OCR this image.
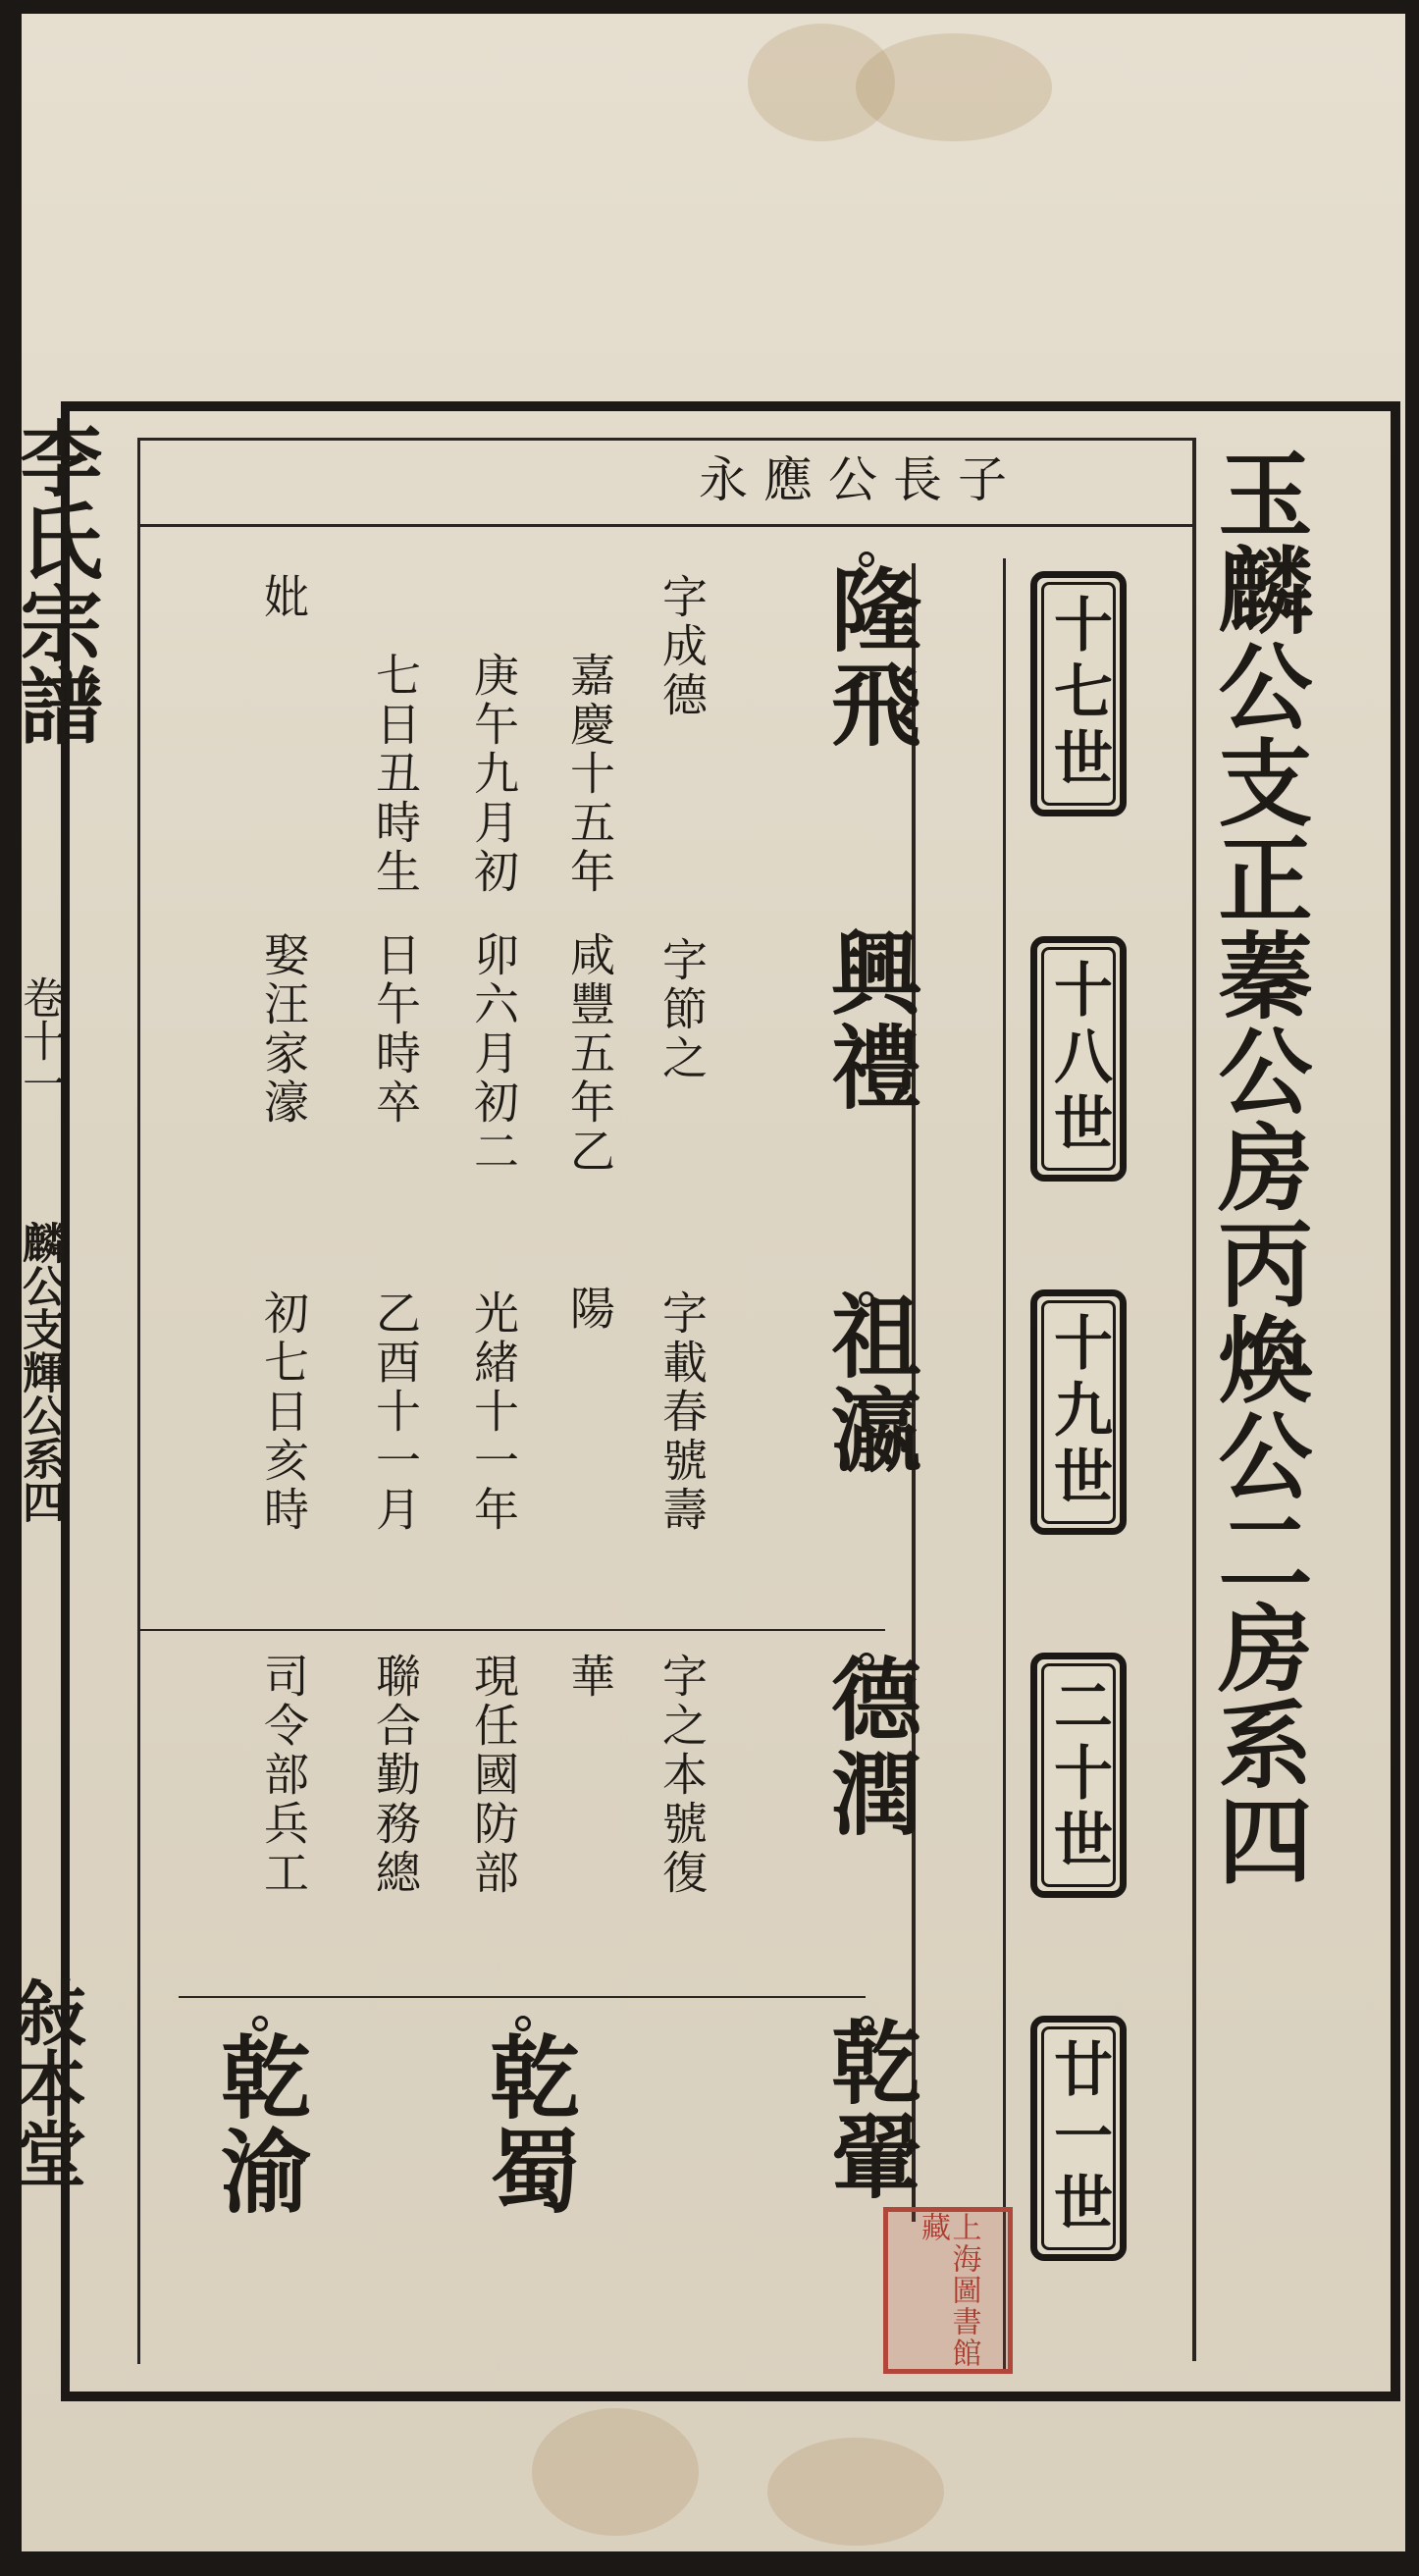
玉麟公支正蓁公房丙煥公二房系四
李氏宗譜
卷十一
麟公支輝公系四
敍本堂
十七世
十八世
十九世
二十世
廿一世
永應公長子
隆飛
興禮
祖瀛
德潤
乾翬
字成德
字節之
字載春號壽
字之本號復
嘉慶十五年
庚午九月初
七日丑時生
咸豐五年乙
卯六月初二
日午時卒
陽
妣
娶汪家濠
光緒十一年
乙酉十一月
初七日亥時
華
現任國防部
聯合勤務總
司令部兵工
乾蜀
乾渝
上海圖書館藏
